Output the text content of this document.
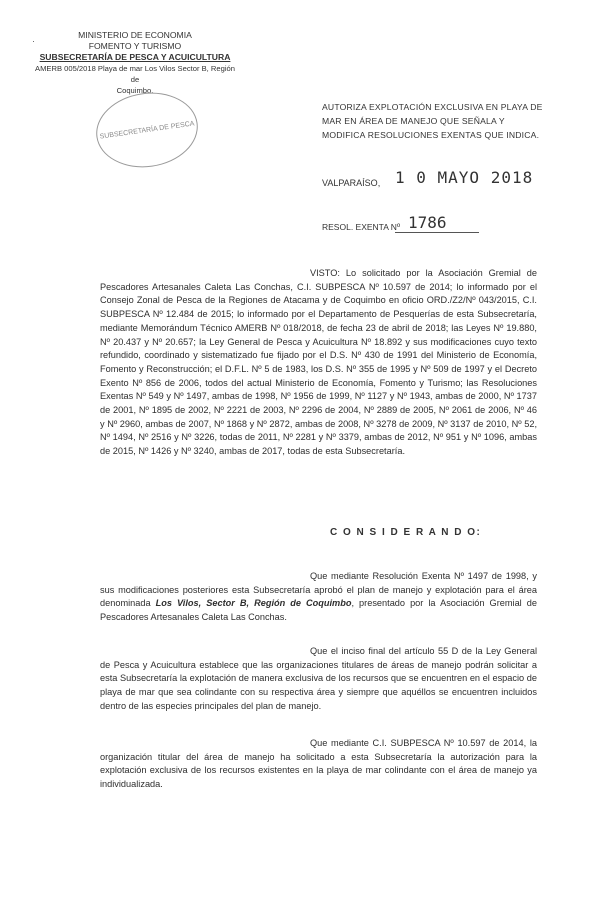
·
MINISTERIO DE ECONOMIA
FOMENTO Y TURISMO
SUBSECRETARÍA DE PESCA Y ACUICULTURA
AMERB 005/2018 Playa de mar Los Vilos Sector B, Región de
Coquimbo.
SUBSECRETARÍA DE PESCA
AUTORIZA EXPLOTACIÓN EXCLUSIVA EN PLAYA DE MAR EN ÁREA DE MANEJO QUE SEÑALA Y MODIFICA RESOLUCIONES EXENTAS QUE INDICA.
VALPARAÍSO, 1 0 MAYO 2018
RESOL. EXENTA Nº 1786
VISTO: Lo solicitado por la Asociación Gremial de Pescadores Artesanales Caleta Las Conchas, C.I. SUBPESCA Nº 10.597 de 2014; lo informado por el Consejo Zonal de Pesca de la Regiones de Atacama y de Coquimbo en oficio ORD./Z2/Nº 043/2015, C.I. SUBPESCA Nº 12.484 de 2015; lo informado por el Departamento de Pesquerías de esta Subsecretaría, mediante Memorándum Técnico AMERB Nº 018/2018, de fecha 23 de abril de 2018; las Leyes Nº 19.880, Nº 20.437 y Nº 20.657; la Ley General de Pesca y Acuicultura Nº 18.892 y sus modificaciones cuyo texto refundido, coordinado y sistematizado fue fijado por el D.S. Nº 430 de 1991 del Ministerio de Economía, Fomento y Reconstrucción; el D.F.L. Nº 5 de 1983, los D.S. Nº 355 de 1995 y Nº 509 de 1997 y el Decreto Exento Nº 856 de 2006, todos del actual Ministerio de Economía, Fomento y Turismo; las Resoluciones Exentas Nº 549 y Nº 1497, ambas de 1998, Nº 1956 de 1999, Nº 1127 y Nº 1943, ambas de 2000, Nº 1737 de 2001, Nº 1895 de 2002, Nº 2221 de 2003, Nº 2296 de 2004, Nº 2889 de 2005, Nº 2061 de 2006, Nº 46 y Nº 2960, ambas de 2007, Nº 1868 y Nº 2872, ambas de 2008, Nº 3278 de 2009, Nº 3137 de 2010, Nº 52, Nº 1494, Nº 2516 y Nº 3226, todas de 2011, Nº 2281 y Nº 3379, ambas de 2012, Nº 951 y Nº 1096, ambas de 2015, Nº 1426 y Nº 3240, ambas de 2017, todas de esta Subsecretaría.
C O N S I D E R A N D O:
Que mediante Resolución Exenta Nº 1497 de 1998, y sus modificaciones posteriores esta Subsecretaría aprobó el plan de manejo y explotación para el área denominada Los Vilos, Sector B, Región de Coquimbo, presentado por la Asociación Gremial de Pescadores Artesanales Caleta Las Conchas.
Que el inciso final del artículo 55 D de la Ley General de Pesca y Acuicultura establece que las organizaciones titulares de áreas de manejo podrán solicitar a esta Subsecretaría la explotación de manera exclusiva de los recursos que se encuentren en el espacio de playa de mar que sea colindante con su respectiva área y siempre que aquéllos se encuentren incluidos dentro de las especies principales del plan de manejo.
Que mediante C.I. SUBPESCA Nº 10.597 de 2014, la organización titular del área de manejo ha solicitado a esta Subsecretaría la autorización para la explotación exclusiva de los recursos existentes en la playa de mar colindante con el área de manejo ya individualizada.
